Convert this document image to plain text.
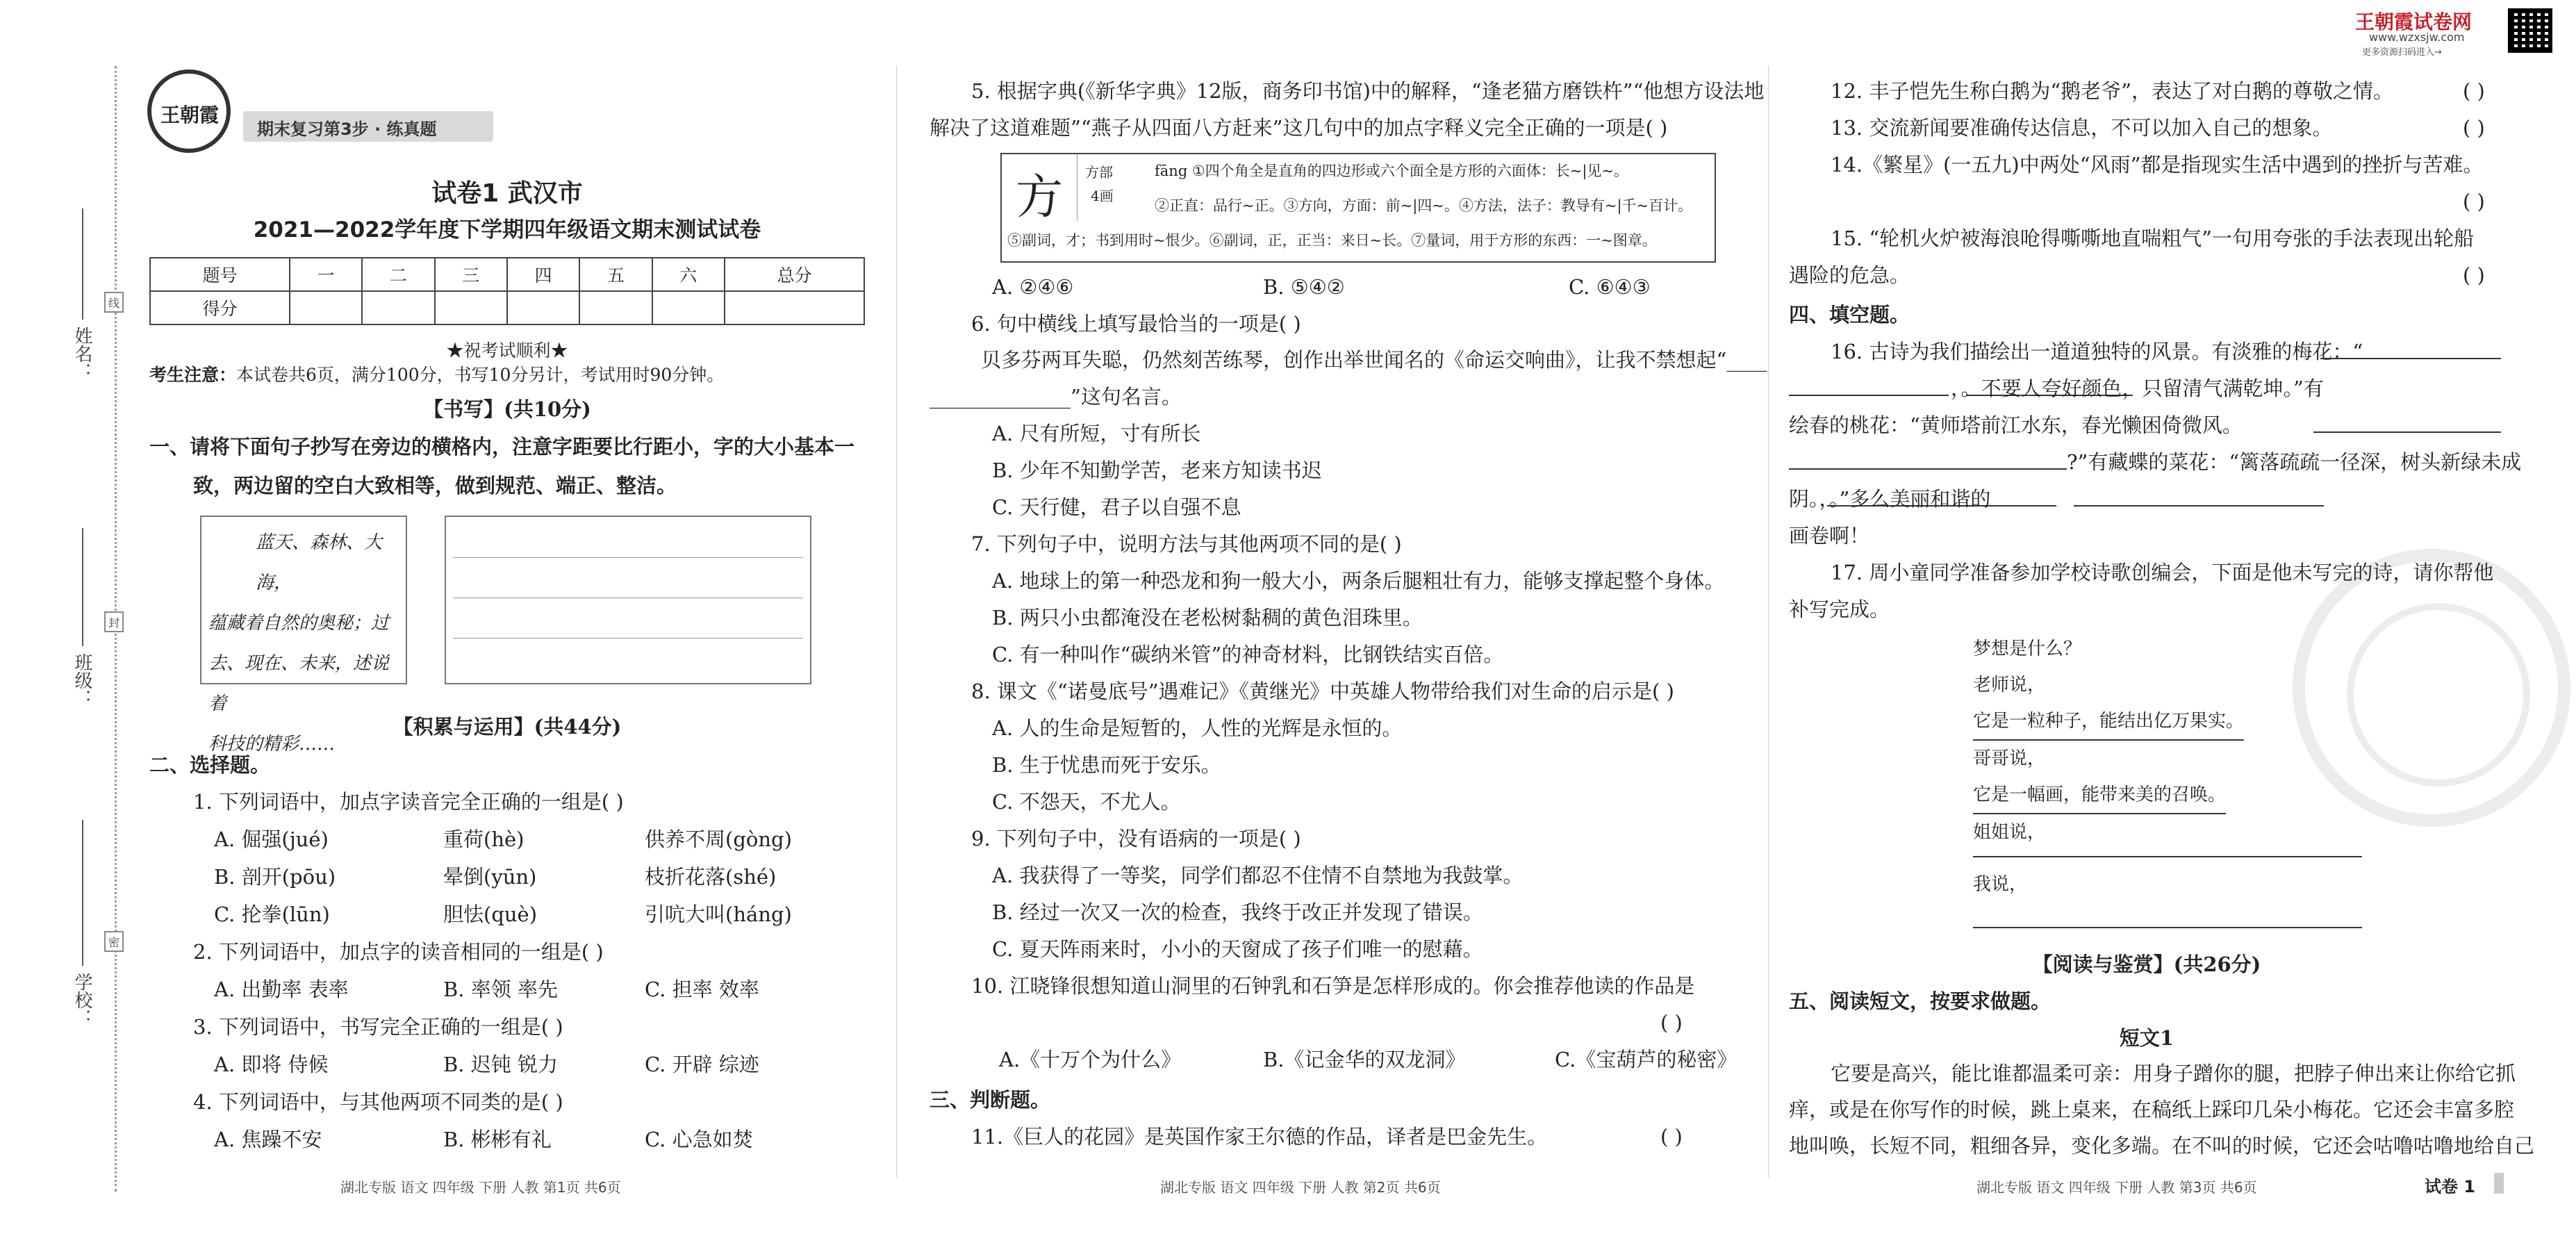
姓名：
班级：
学校：
线
封
密
王朝霞
期末复习第3步 · 练真题
试卷1 武汉市
2021—2022学年度下学期四年级语文期末测试试卷
题号	一	二	三	四	五	六	总分
得分							
★祝考试顺利★
考生注意：本试卷共6页，满分100分，书写10分另计，考试用时90分钟。
【书写】(共10分)
一、请将下面句子抄写在旁边的横格内，注意字距要比行距小，字的大小基本一
致，两边留的空白大致相等，做到规范、端正、整洁。
蓝天、森林、大海，
蕴藏着自然的奥秘；过
去、现在、未来，述说着
科技的精彩……
【积累与运用】(共44分)
二、选择题。
1. 下列词语中，加点字读音完全正确的一组是( )
A. 倔强(jué)	重荷(hè)	供养不周(gòng)
B. 剖开(pōu)	晕倒(yūn)	枝折花落(shé)
C. 抡拳(lūn)	胆怯(què)	引吭大叫(háng)
2. 下列词语中，加点字的读音相同的一组是( )
A. 出勤率 表率	B. 率领 率先	C. 担率 效率
3. 下列词语中，书写完全正确的一组是( )
A. 即将 侍候	B. 迟钝 锐力	C. 开辟 综迹
4. 下列词语中，与其他两项不同类的是( )
A. 焦躁不安	B. 彬彬有礼	C. 心急如焚
湖北专版 语文 四年级 下册 人教 第1页 共6页
5. 根据字典(《新华字典》12版，商务印书馆)中的解释，“逢老猫方磨铁杵”“他想方设法地
解决了这道难题”“燕子从四面八方赶来”这几句中的加点字释义完全正确的一项是( )
方 方部
4画
fāng ①四个角全是直角的四边形或六个面全是方形的六面体：长~|见~。
②正直：品行~正。③方向，方面：前~|四~。④方法，法子：教导有~|千~百计。
⑤副词，才；书到用时~恨少。⑥副词，正，正当：来日~长。⑦量词，用于方形的东西：一~图章。
A. ②④⑥	B. ⑤④②	C. ⑥④③
6. 句中横线上填写最恰当的一项是( )
贝多芬两耳失聪，仍然刻苦练琴，创作出举世闻名的《命运交响曲》，让我不禁想起“____
______________”这句名言。
A. 尺有所短，寸有所长
B. 少年不知勤学苦，老来方知读书迟
C. 天行健，君子以自强不息
7. 下列句子中，说明方法与其他两项不同的是( )
A. 地球上的第一种恐龙和狗一般大小，两条后腿粗壮有力，能够支撑起整个身体。
B. 两只小虫都淹没在老松树黏稠的黄色泪珠里。
C. 有一种叫作“碳纳米管”的神奇材料，比钢铁结实百倍。
8. 课文《“诺曼底号”遇难记》《黄继光》中英雄人物带给我们对生命的启示是( )
A. 人的生命是短暂的，人性的光辉是永恒的。
B. 生于忧患而死于安乐。
C. 不怨天，不尤人。
9. 下列句子中，没有语病的一项是( )
A. 我获得了一等奖，同学们都忍不住情不自禁地为我鼓掌。
B. 经过一次又一次的检查，我终于改正并发现了错误。
C. 夏天阵雨来时，小小的天窗成了孩子们唯一的慰藉。
10. 江晓锋很想知道山洞里的石钟乳和石笋是怎样形成的。你会推荐他读的作品是
( )
A.《十万个为什么》	B.《记金华的双龙洞》	C.《宝葫芦的秘密》
三、判断题。
11.《巨人的花园》是英国作家王尔德的作品，译者是巴金先生。	( )
湖北专版 语文 四年级 下册 人教 第2页 共6页
王朝霞试卷网
www.wzxsjw.com
更多资源扫码进入→
12. 丰子恺先生称白鹅为“鹅老爷”，表达了对白鹅的尊敬之情。	( )
13. 交流新闻要准确传达信息，不可以加入自己的想象。	( )
14.《繁星》(一五九)中两处“风雨”都是指现实生活中遇到的挫折与苦难。
( )
15. “轮机火炉被海浪呛得嘶嘶地直喘粗气”一句用夸张的手法表现出轮船
遇险的危急。	( )
四、填空题。
16. 古诗为我们描绘出一道道独特的风景。有淡雅的梅花：“
，。不要人夸好颜色，只留清气满乾坤。”有
绘春的桃花：“黄师塔前江水东，春光懒困倚微风。
?”有藏蝶的菜花：“篱落疏疏一径深，树头新绿未成
阴。，。”多么美丽和谐的
画卷啊！
17. 周小童同学准备参加学校诗歌创编会，下面是他未写完的诗，请你帮他
补写完成。
梦想是什么？
老师说，
它是一粒种子，能结出亿万果实。
哥哥说，
它是一幅画，能带来美的召唤。
姐姐说，
我说，
【阅读与鉴赏】(共26分)
五、阅读短文，按要求做题。
短文1
它要是高兴，能比谁都温柔可亲：用身子蹭你的腿，把脖子伸出来让你给它抓
痒，或是在你写作的时候，跳上桌来，在稿纸上踩印几朵小梅花。它还会丰富多腔
地叫唤，长短不同，粗细各异，变化多端。在不叫的时候，它还会咕噜咕噜地给自己
湖北专版 语文 四年级 下册 人教 第3页 共6页	试卷 1
